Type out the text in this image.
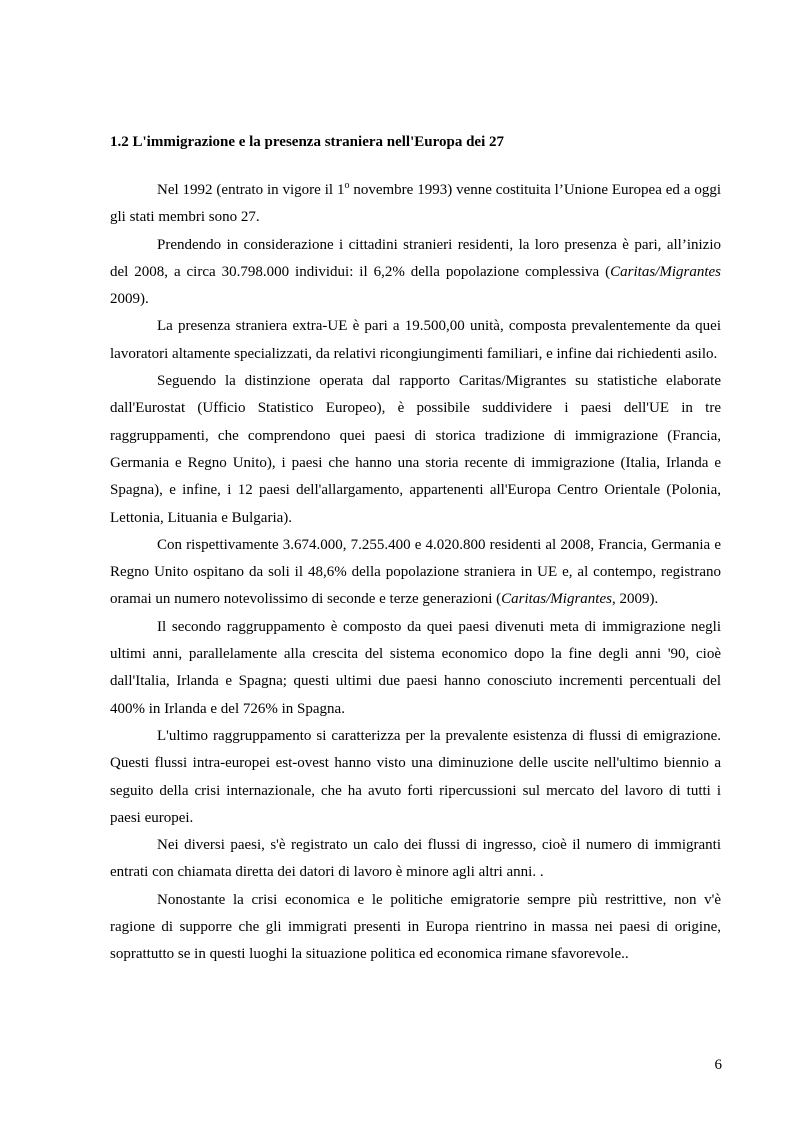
1.2 L'immigrazione e la presenza straniera nell'Europa dei 27

Nel 1992 (entrato in vigore il 1$^o$ novembre 1993) venne costituita l’Unione Europea ed a oggi gli stati membri sono 27.

Prendendo in considerazione i cittadini stranieri residenti, la loro presenza è pari, all’inizio del 2008, a circa 30.798.000 individui: il 6,2% della popolazione complessiva (Caritas/Migrantes 2009).

La presenza straniera extra-UE è pari a 19.500,00 unità, composta prevalentemente da quei lavoratori altamente specializzati, da relativi ricongiungimenti familiari, e infine dai richiedenti asilo.

Seguendo la distinzione operata dal rapporto Caritas/Migrantes su statistiche elaborate dall'Eurostat (Ufficio Statistico Europeo), è possibile suddividere i paesi dell'UE in tre raggruppamenti, che comprendono quei paesi di storica tradizione di immigrazione (Francia, Germania e Regno Unito), i paesi che hanno una storia recente di immigrazione (Italia, Irlanda e Spagna), e infine, i 12 paesi dell'allargamento, appartenenti all'Europa Centro Orientale (Polonia, Lettonia, Lituania e Bulgaria).

Con rispettivamente 3.674.000, 7.255.400 e 4.020.800 residenti al 2008, Francia, Germania e Regno Unito ospitano da soli il 48,6% della popolazione straniera in UE e, al contempo, registrano oramai un numero notevolissimo di seconde e terze generazioni (Caritas/Migrantes, 2009).

Il secondo raggruppamento è composto da quei paesi divenuti meta di immigrazione negli ultimi anni, parallelamente alla crescita del sistema economico dopo la fine degli anni '90, cioè dall'Italia, Irlanda e Spagna; questi ultimi due paesi hanno conosciuto incrementi percentuali del 400% in Irlanda e del 726% in Spagna.

L'ultimo raggruppamento si caratterizza per la prevalente esistenza di flussi di emigrazione. Questi flussi intra-europei est-ovest hanno visto una diminuzione delle uscite nell'ultimo biennio a seguito della crisi internazionale, che ha avuto forti ripercussioni sul mercato del lavoro di tutti i paesi europei.

Nei diversi paesi, s'è registrato un calo dei flussi di ingresso, cioè il numero di immigranti entrati con chiamata diretta dei datori di lavoro è minore agli altri anni. .

Nonostante la crisi economica e le politiche emigratorie sempre più restrittive, non v'è ragione di supporre che gli immigrati presenti in Europa rientrino in massa nei paesi di origine, soprattutto se in questi luoghi la situazione politica ed economica rimane sfavorevole..

6
